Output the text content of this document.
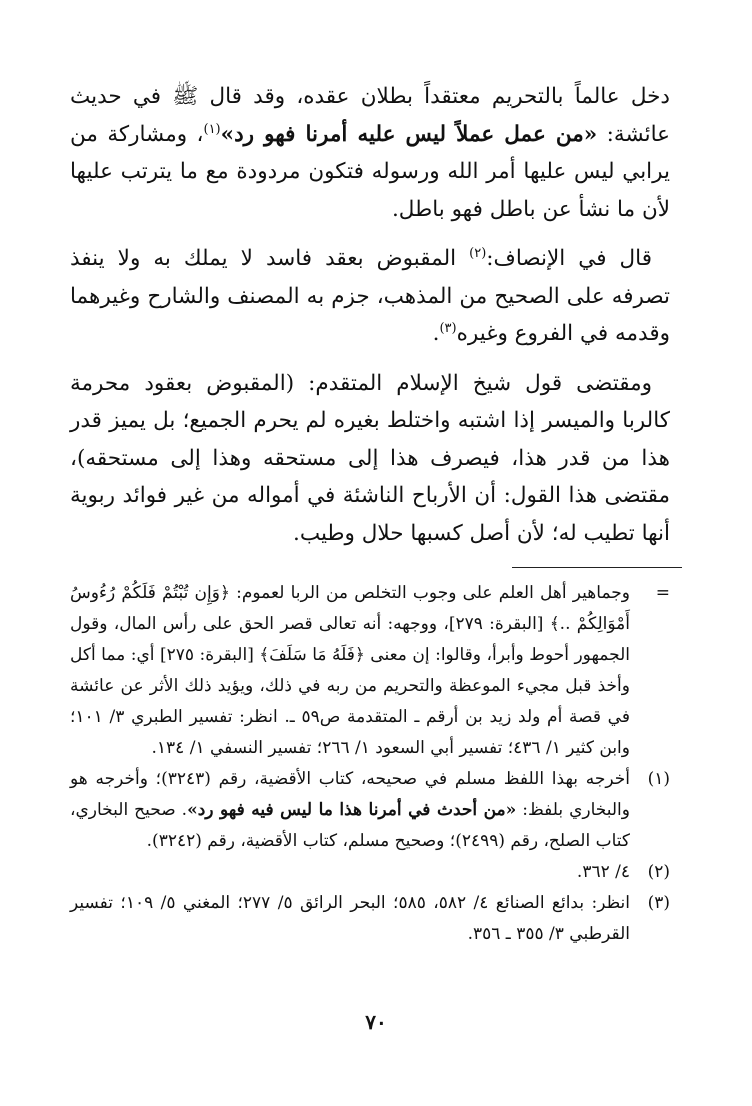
دخل عالماً بالتحريم معتقداً بطلان عقده، وقد قال ﷺ في حديث عائشة: «من عمل عملاً ليس عليه أمرنا فهو رد»$^{(١)}$، ومشاركة من يرابي ليس عليها أمر الله ورسوله فتكون مردودة مع ما يترتب عليها لأن ما نشأ عن باطل فهو باطل.

قال في الإنصاف:$^{(٢)}$ المقبوض بعقد فاسد لا يملك به ولا ينفذ تصرفه على الصحيح من المذهب، جزم به المصنف والشارح وغيرهما وقدمه في الفروع وغيره$^{(٣)}$.

ومقتضى قول شيخ الإسلام المتقدم: (المقبوض بعقود محرمة كالربا والميسر إذا اشتبه واختلط بغيره لم يحرم الجميع؛ بل يميز قدر هذا من قدر هذا، فيصرف هذا إلى مستحقه وهذا إلى مستحقه)، مقتضى هذا القول: أن الأرباح الناشئة في أمواله من غير فوائد ربوية أنها تطيب له؛ لأن أصل كسبها حلال وطيب.

=
وجماهير أهل العلم على وجوب التخلص من الربا لعموم: ﴿وَإِن تُبْتُمْ فَلَكُمْ رُءُوسُ أَمْوَالِكُمْ ..﴾ [البقرة: ٢٧٩]، ووجهه: أنه تعالى قصر الحق على رأس المال، وقول الجمهور أحوط وأبرأ، وقالوا: إن معنى ﴿فَلَهُ مَا سَلَفَ﴾ [البقرة: ٢٧٥] أي: مما أكل وأخذ قبل مجيء الموعظة والتحريم من ربه في ذلك، ويؤيد ذلك الأثر عن عائشة في قصة أم ولد زيد بن أرقم ـ المتقدمة ص٥٩ ـ. انظر: تفسير الطبري ٣/ ١٠١؛ وابن كثير ١/ ٤٣٦؛ تفسير أبي السعود ١/ ٢٦٦؛ تفسير النسفي ١/ ١٣٤.
(١)
أخرجه بهذا اللفظ مسلم في صحيحه، كتاب الأقضية، رقم (٣٢٤٣)؛ وأخرجه هو والبخاري بلفظ: «من أحدث في أمرنا هذا ما ليس فيه فهو رد». صحيح البخاري، كتاب الصلح، رقم (٢٤٩٩)؛ وصحيح مسلم، كتاب الأقضية، رقم (٣٢٤٢).
(٢)
٤/ ٣٦٢.
(٣)
انظر: بدائع الصنائع ٤/ ٥٨٢، ٥٨٥؛ البحر الرائق ٥/ ٢٧٧؛ المغني ٥/ ١٠٩؛ تفسير القرطبي ٣/ ٣٥٥ ـ ٣٥٦.
٧٠
